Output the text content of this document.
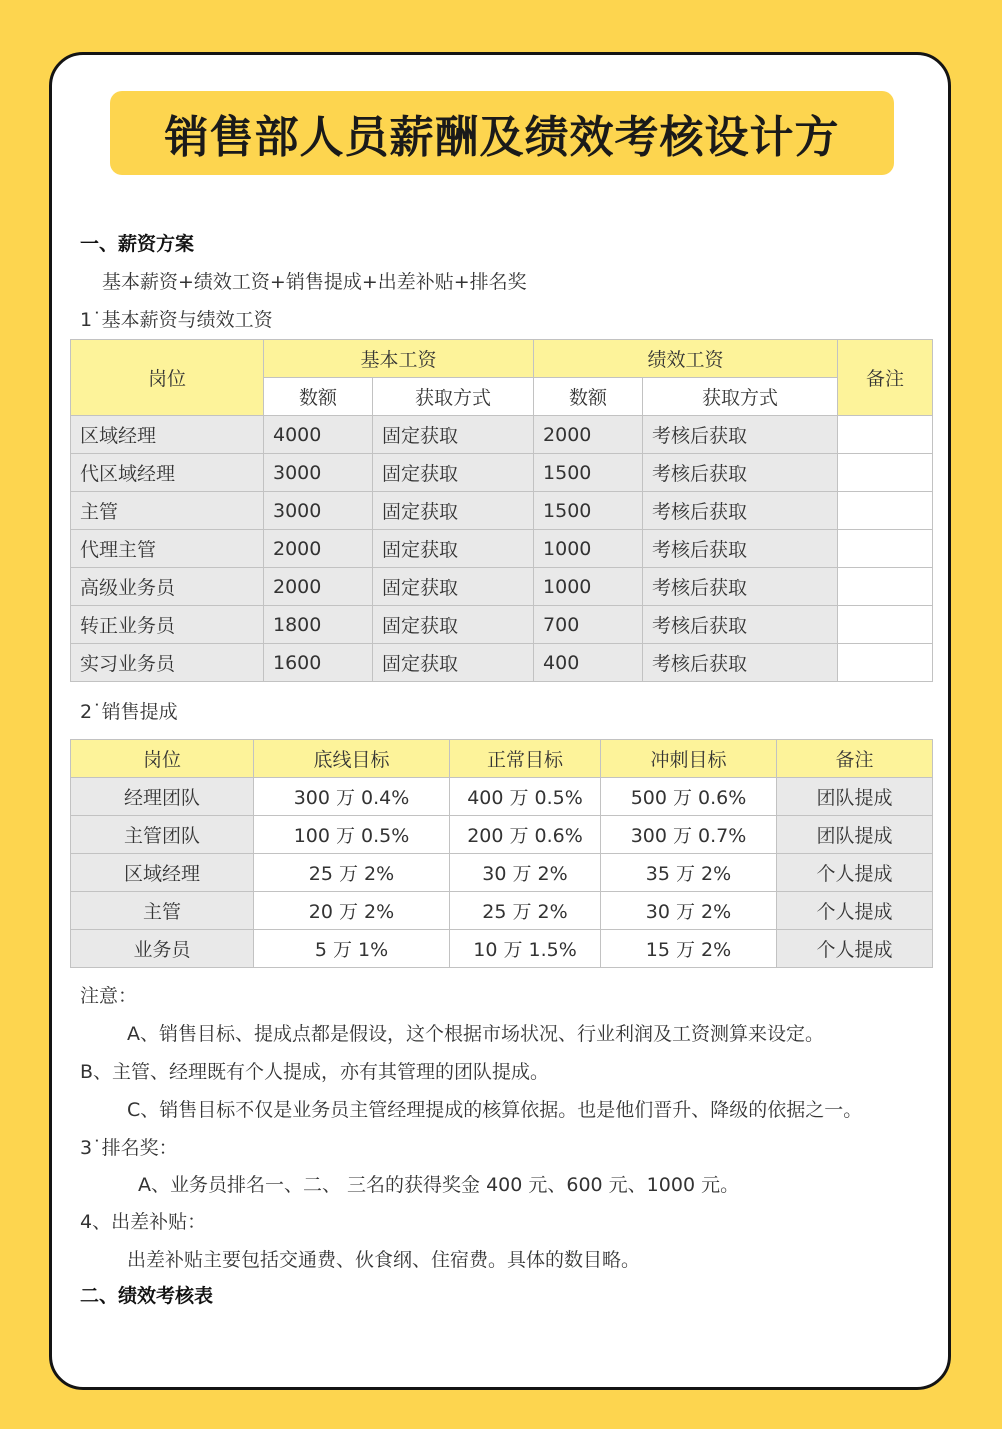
销售部人员薪酬及绩效考核设计方
一、薪资方案
基本薪资+绩效工资+销售提成+出差补贴+排名奖
1˙基本薪资与绩效工资
岗位	基本工资		绩效工资		备注
	数额	获取方式	数额	获取方式	
区域经理	4000	固定获取	2000	考核后获取	
代区域经理	3000	固定获取	1500	考核后获取	
主管	3000	固定获取	1500	考核后获取	
代理主管	2000	固定获取	1000	考核后获取	
高级业务员	2000	固定获取	1000	考核后获取	
转正业务员	1800	固定获取	700	考核后获取	
实习业务员	1600	固定获取	400	考核后获取	
2˙销售提成
岗位	底线目标	正常目标	冲刺目标	备注
经理团队	300 万 0.4%	400 万 0.5%	500 万 0.6%	团队提成
主管团队	100 万 0.5%	200 万 0.6%	300 万 0.7%	团队提成
区域经理	25 万 2%	30 万 2%	35 万 2%	个人提成
主管	20 万 2%	25 万 2%	30 万 2%	个人提成
业务员	5 万 1%	10 万 1.5%	15 万 2%	个人提成
注意：
A、销售目标、提成点都是假设，这个根据市场状况、行业利润及工资测算来设定。
B、主管、经理既有个人提成，亦有其管理的团队提成。
C、销售目标不仅是业务员主管经理提成的核算依据。也是他们晋升、降级的依据之一。
3˙排名奖：
A、业务员排名一、二、 三名的获得奖金 400 元、600 元、1000 元。
4、出差补贴：
出差补贴主要包括交通费、伙食纲、住宿费。具体的数目略。
二、绩效考核表
